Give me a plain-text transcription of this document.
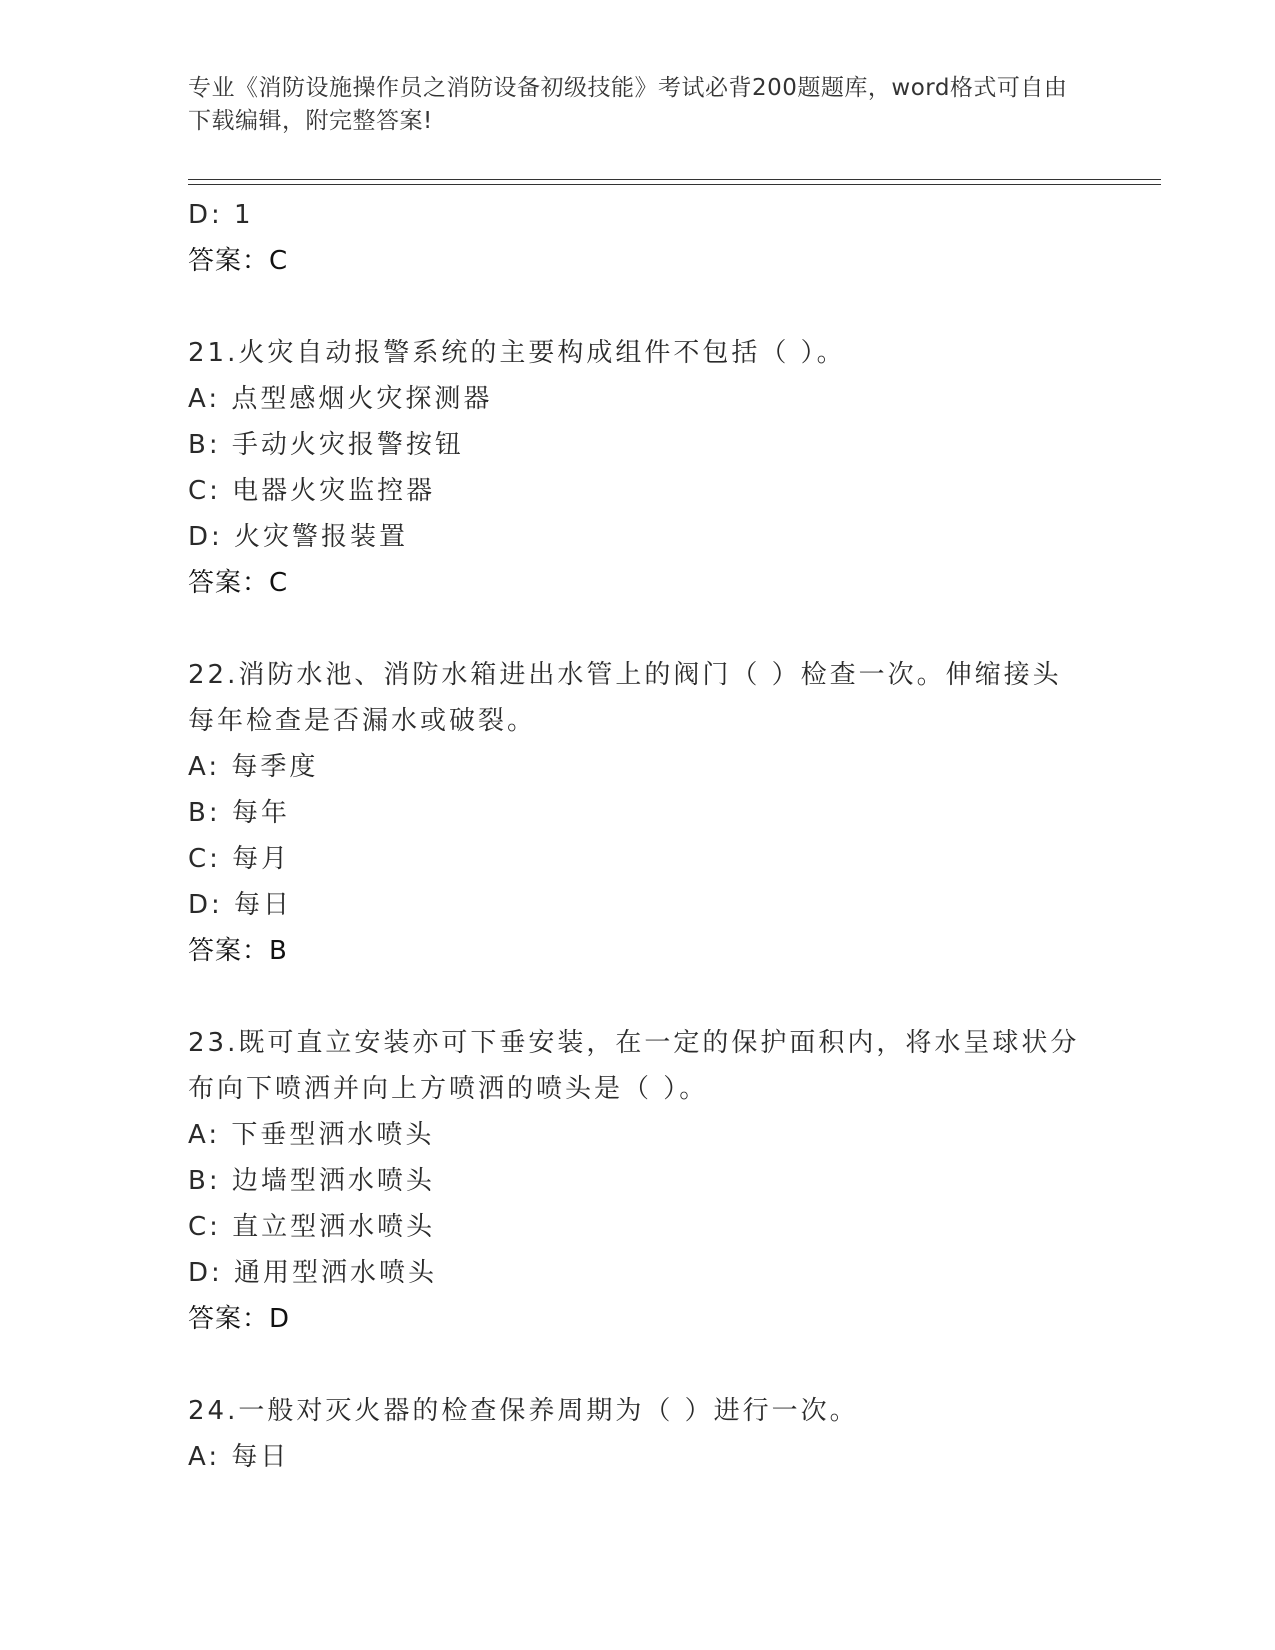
专业《消防设施操作员之消防设备初级技能》考试必背200题题库，word格式可自由下载编辑，附完整答案!
D: 1
答案：C
21.火灾自动报警系统的主要构成组件不包括（ ）。
A: 点型感烟火灾探测器
B: 手动火灾报警按钮
C: 电器火灾监控器
D: 火灾警报装置
答案：C
22.消防水池、消防水箱进出水管上的阀门（ ）检查一次。伸缩接头每年检查是否漏水或破裂。
A: 每季度
B: 每年
C: 每月
D: 每日
答案：B
23.既可直立安装亦可下垂安装，在一定的保护面积内，将水呈球状分布向下喷洒并向上方喷洒的喷头是（ ）。
A: 下垂型洒水喷头
B: 边墙型洒水喷头
C: 直立型洒水喷头
D: 通用型洒水喷头
答案：D
24.一般对灭火器的检查保养周期为（ ）进行一次。
A: 每日
